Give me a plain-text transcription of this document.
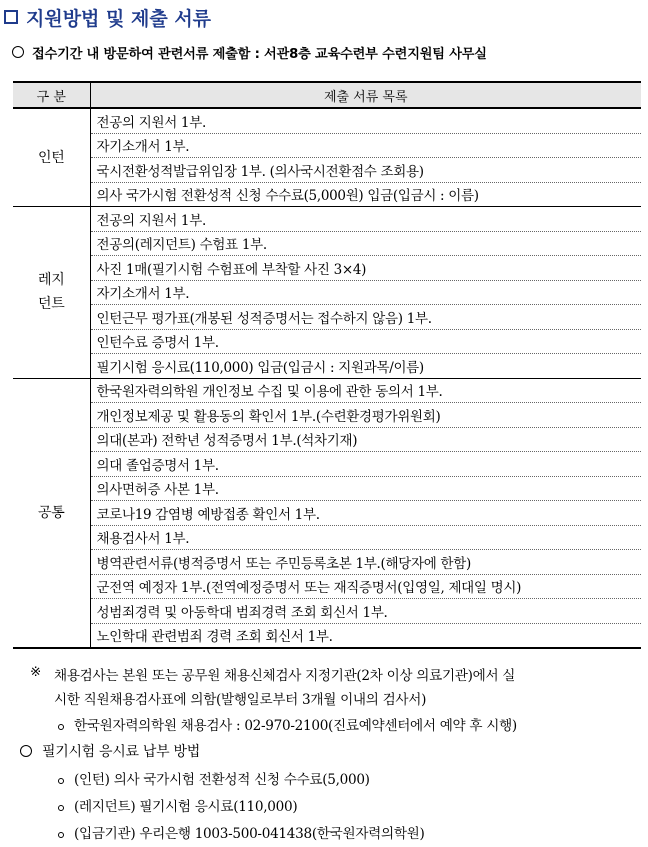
지원방법 및 제출 서류
접수기간 내 방문하여 관련서류 제출함 : 서관8층 교육수련부 수련지원팀 사무실
구 분	제출 서류 목록
인턴	전공의 지원서 1부.
	자기소개서 1부.
	국시전환성적발급위임장 1부. (의사국시전환점수 조회용)
	의사 국가시험 전환성적 신청 수수료(5,000원) 입금(입금시 : 이름)
레지
던트	전공의 지원서 1부.
	전공의(레지던트) 수험표 1부.
	사진 1매(필기시험 수험표에 부착할 사진 3×4)
	자기소개서 1부.
	인턴근무 평가표(개봉된 성적증명서는 접수하지 않음) 1부.
	인턴수료 증명서 1부.
	필기시험 응시료(110,000) 입금(입금시 : 지원과목/이름)
공통	한국원자력의학원 개인정보 수집 및 이용에 관한 동의서 1부.
	개인정보제공 및 활용동의 확인서 1부.(수련환경평가위원회)
	의대(본과) 전학년 성적증명서 1부.(석차기재)
	의대 졸업증명서 1부.
	의사면허증 사본 1부.
	코로나19 감염병 예방접종 확인서 1부.
	채용검사서 1부.
	병역관련서류(병적증명서 또는 주민등록초본 1부.(해당자에 한함)
	군전역 예정자 1부.(전역예정증명서 또는 재직증명서(입영일, 제대일 명시)
	성범죄경력 및 아동학대 범죄경력 조회 회신서 1부.
	노인학대 관련범죄 경력 조회 회신서 1부.
※ 채용검사는 본원 또는 공무원 채용신체검사 지정기관(2차 이상 의료기관)에서 실
시한 직원채용검사표에 의함(발행일로부터 3개월 이내의 검사서)
한국원자력의학원 채용검사 : 02-970-2100(진료예약센터에서 예약 후 시행)
필기시험 응시료 납부 방법
(인턴) 의사 국가시험 전환성적 신청 수수료(5,000)
(레지던트) 필기시험 응시료(110,000)
(입금기관) 우리은행 1003-500-041438(한국원자력의학원)
